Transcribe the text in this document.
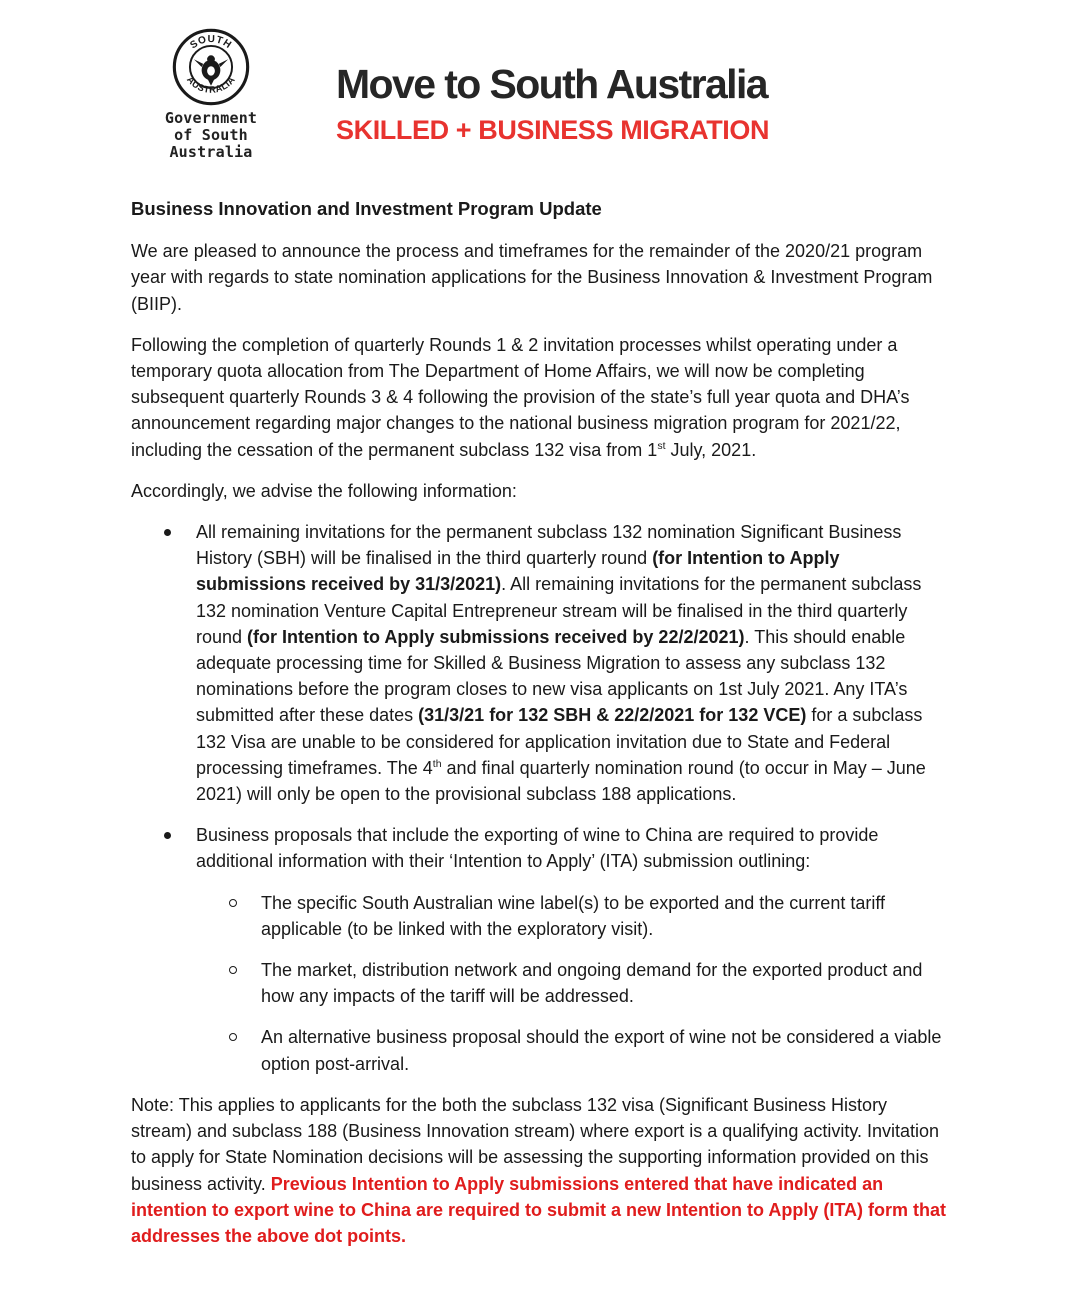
SOUTH
AUSTRALIA
Government
of South Australia
Move to South Australia
SKILLED + BUSINESS MIGRATION
Business Innovation and Investment Program Update

We are pleased to announce the process and timeframes for the remainder of the 2020/21 program year with regards to state nomination applications for the Business Innovation & Investment Program (BIIP).

Following the completion of quarterly Rounds 1 & 2 invitation processes whilst operating under a temporary quota allocation from The Department of Home Affairs, we will now be completing subsequent quarterly Rounds 3 & 4 following the provision of the state’s full year quota and DHA’s announcement regarding major changes to the national business migration program for 2021/22, including the cessation of the permanent subclass 132 visa from 1st July, 2021.

Accordingly, we advise the following information:

All remaining invitations for the permanent subclass 132 nomination Significant Business History (SBH) will be finalised in the third quarterly round (for Intention to Apply submissions received by 31/3/2021). All remaining invitations for the permanent subclass 132 nomination Venture Capital Entrepreneur stream will be finalised in the third quarterly round (for Intention to Apply submissions received by 22/2/2021). This should enable adequate processing time for Skilled & Business Migration to assess any subclass 132 nominations before the program closes to new visa applicants on 1st July 2021. Any ITA’s submitted after these dates (31/3/21 for 132 SBH & 22/2/2021 for 132 VCE) for a subclass 132 Visa are unable to be considered for application invitation due to State and Federal processing timeframes. The 4th and final quarterly nomination round (to occur in May – June 2021) will only be open to the provisional subclass 188 applications.
Business proposals that include the exporting of wine to China are required to provide additional information with their ‘Intention to Apply’ (ITA) submission outlining:
The specific South Australian wine label(s) to be exported and the current tariff applicable (to be linked with the exploratory visit).
The market, distribution network and ongoing demand for the exported product and how any impacts of the tariff will be addressed.
An alternative business proposal should the export of wine not be considered a viable option post-arrival.

Note: This applies to applicants for the both the subclass 132 visa (Significant Business History stream) and subclass 188 (Business Innovation stream) where export is a qualifying activity. Invitation to apply for State Nomination decisions will be assessing the supporting information provided on this business activity. Previous Intention to Apply submissions entered that have indicated an intention to export wine to China are required to submit a new Intention to Apply (ITA) form that addresses the above dot points.
